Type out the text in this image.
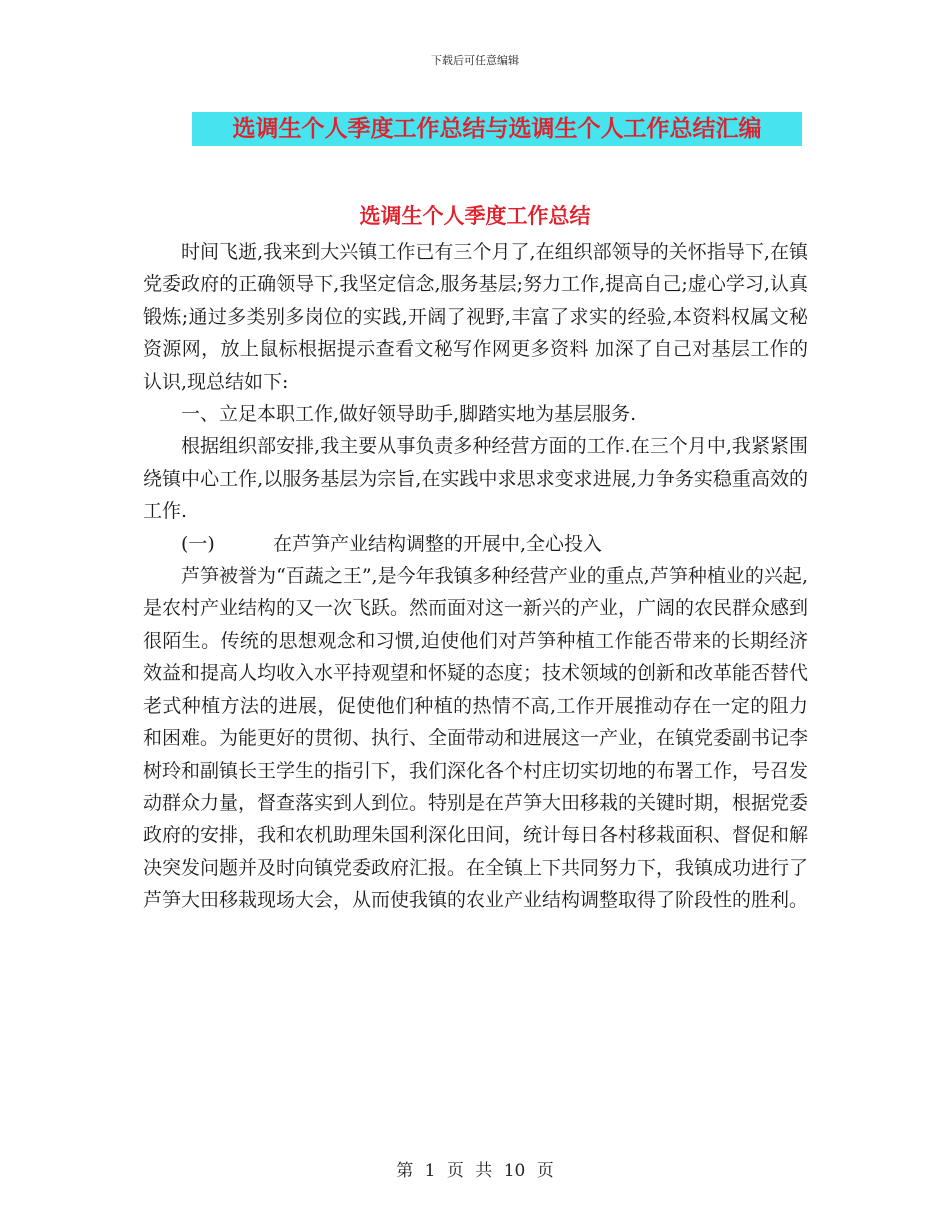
下载后可任意编辑
选调生个人季度工作总结与选调生个人工作总结汇编
选调生个人季度工作总结

时间飞逝,我来到大兴镇工作已有三个月了,在组织部领导的关怀指导下,在镇党委政府的正确领导下,我坚定信念,服务基层;努力工作,提高自己;虚心学习,认真锻炼;通过多类别多岗位的实践,开阔了视野,丰富了求实的经验,本资料权属文秘资源网，放上鼠标根据提示查看文秘写作网更多资料 加深了自己对基层工作的认识,现总结如下:

一、立足本职工作,做好领导助手,脚踏实地为基层服务.

根据组织部安排,我主要从事负责多种经营方面的工作.在三个月中,我紧紧围绕镇中心工作,以服务基层为宗旨,在实践中求思求变求进展,力争务实稳重高效的工作.

(一)	在芦笋产业结构调整的开展中,全心投入

芦笋被誉为“百蔬之王”,是今年我镇多种经营产业的重点,芦笋种植业的兴起,是农村产业结构的又一次飞跃。然而面对这一新兴的产业，广阔的农民群众感到很陌生。传统的思想观念和习惯,迫使他们对芦笋种植工作能否带来的长期经济效益和提高人均收入水平持观望和怀疑的态度；技术领域的创新和改革能否替代老式种植方法的进展，促使他们种植的热情不高,工作开展推动存在一定的阻力和困难。为能更好的贯彻、执行、全面带动和进展这一产业，在镇党委副书记李树玲和副镇长王学生的指引下，我们深化各个村庄切实切地的布署工作，号召发动群众力量，督查落实到人到位。特别是在芦笋大田移栽的关键时期，根据党委政府的安排，我和农机助理朱国利深化田间，统计每日各村移栽面积、督促和解决突发问题并及时向镇党委政府汇报。在全镇上下共同努力下，我镇成功进行了芦笋大田移栽现场大会，从而使我镇的农业产业结构调整取得了阶段性的胜利。

第 1 页 共 10 页
